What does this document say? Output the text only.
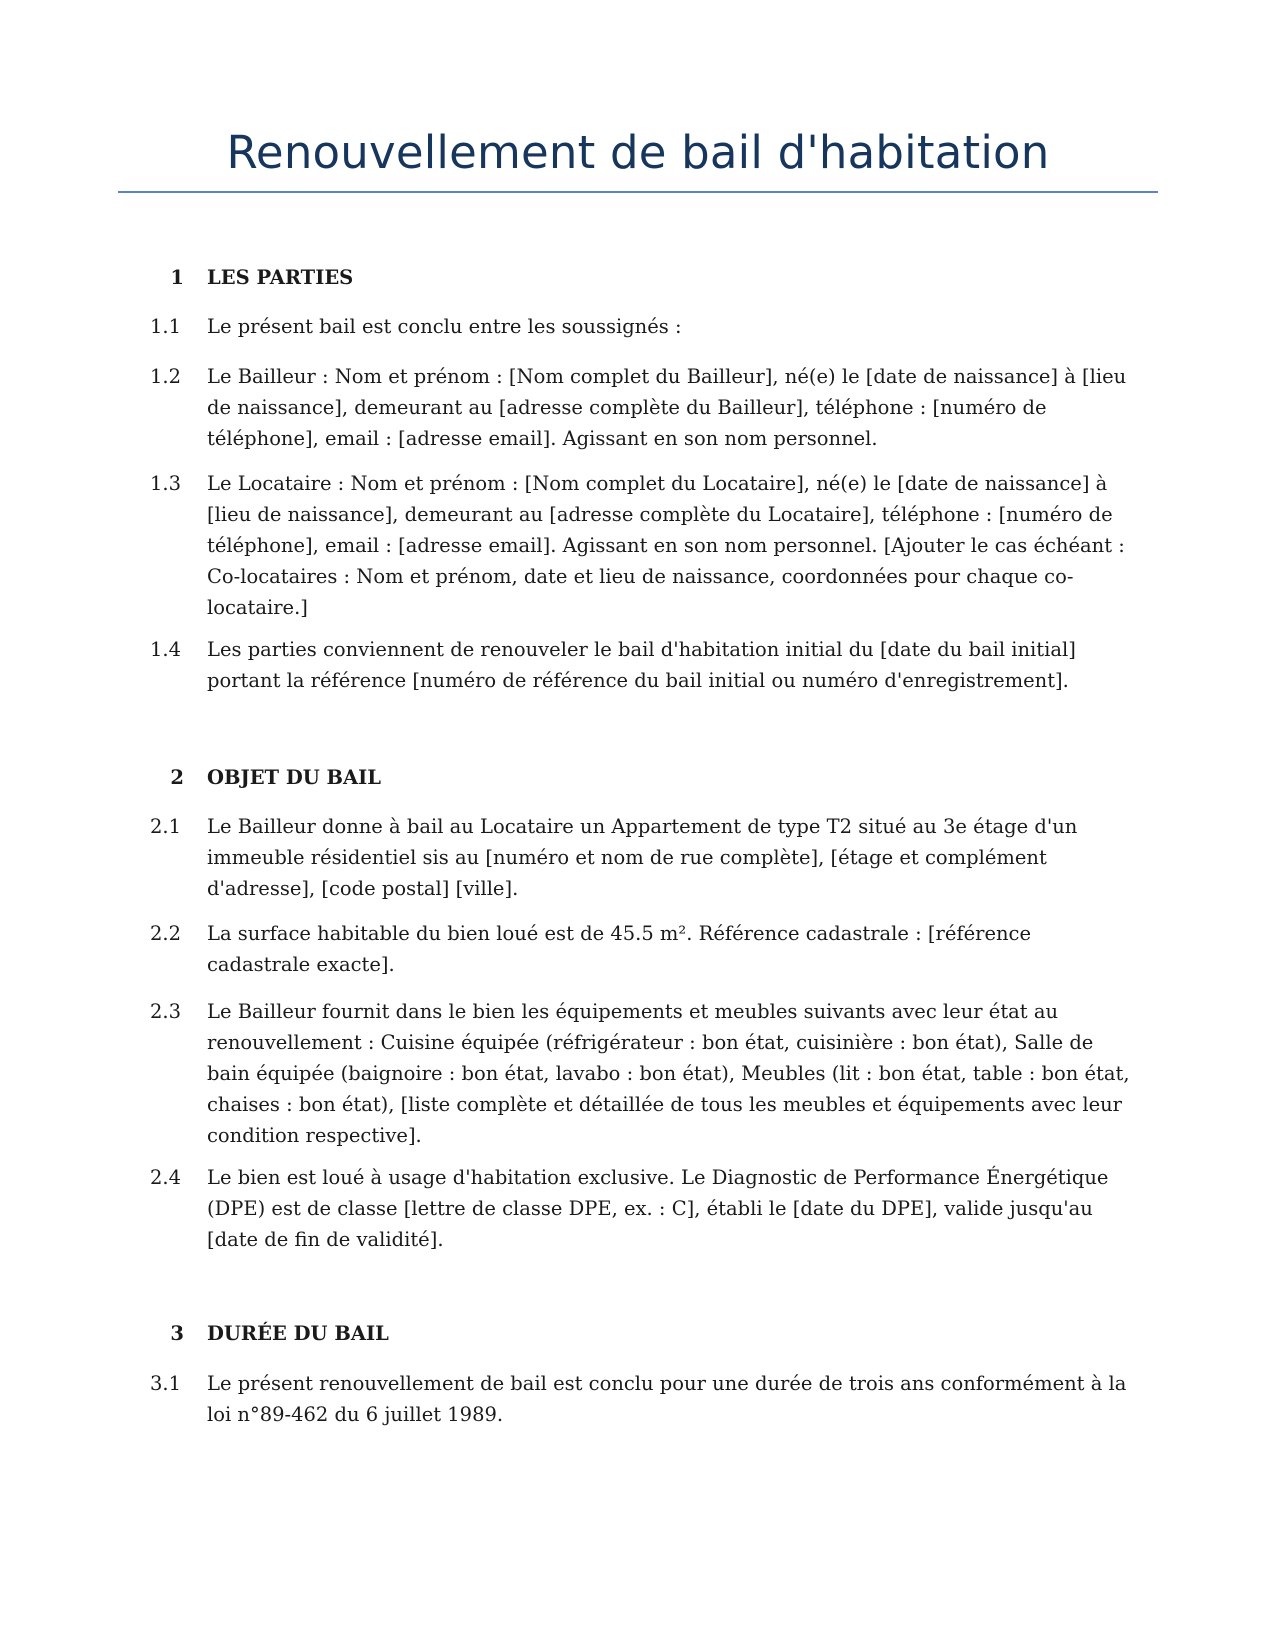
Renouvellement de bail d'habitation
1 LES PARTIES
1.1	Le présent bail est conclu entre les soussignés :
1.2	Le Bailleur : Nom et prénom : [Nom complet du Bailleur], né(e) le [date de naissance] à [lieu de naissance], demeurant au [adresse complète du Bailleur], téléphone : [numéro de téléphone], email : [adresse email]. Agissant en son nom personnel.
1.3	Le Locataire : Nom et prénom : [Nom complet du Locataire], né(e) le [date de naissance] à [lieu de naissance], demeurant au [adresse complète du Locataire], téléphone : [numéro de téléphone], email : [adresse email]. Agissant en son nom personnel. [Ajouter le cas échéant : Co-locataires : Nom et prénom, date et lieu de naissance, coordonnées pour chaque co-locataire.]
1.4	Les parties conviennent de renouveler le bail d'habitation initial du [date du bail initial] portant la référence [numéro de référence du bail initial ou numéro d'enregistrement].
2 OBJET DU BAIL
2.1	Le Bailleur donne à bail au Locataire un Appartement de type T2 situé au 3e étage d'un immeuble résidentiel sis au [numéro et nom de rue complète], [étage et complément d'adresse], [code postal] [ville].
2.2	La surface habitable du bien loué est de 45.5 m². Référence cadastrale : [référence cadastrale exacte].
2.3	Le Bailleur fournit dans le bien les équipements et meubles suivants avec leur état au renouvellement : Cuisine équipée (réfrigérateur : bon état, cuisinière : bon état), Salle de bain équipée (baignoire : bon état, lavabo : bon état), Meubles (lit : bon état, table : bon état, chaises : bon état), [liste complète et détaillée de tous les meubles et équipements avec leur condition respective].
2.4	Le bien est loué à usage d'habitation exclusive. Le Diagnostic de Performance Énergétique (DPE) est de classe [lettre de classe DPE, ex. : C], établi le [date du DPE], valide jusqu'au [date de fin de validité].
3 DURÉE DU BAIL
3.1	Le présent renouvellement de bail est conclu pour une durée de trois ans conformément à la loi n°89-462 du 6 juillet 1989.
